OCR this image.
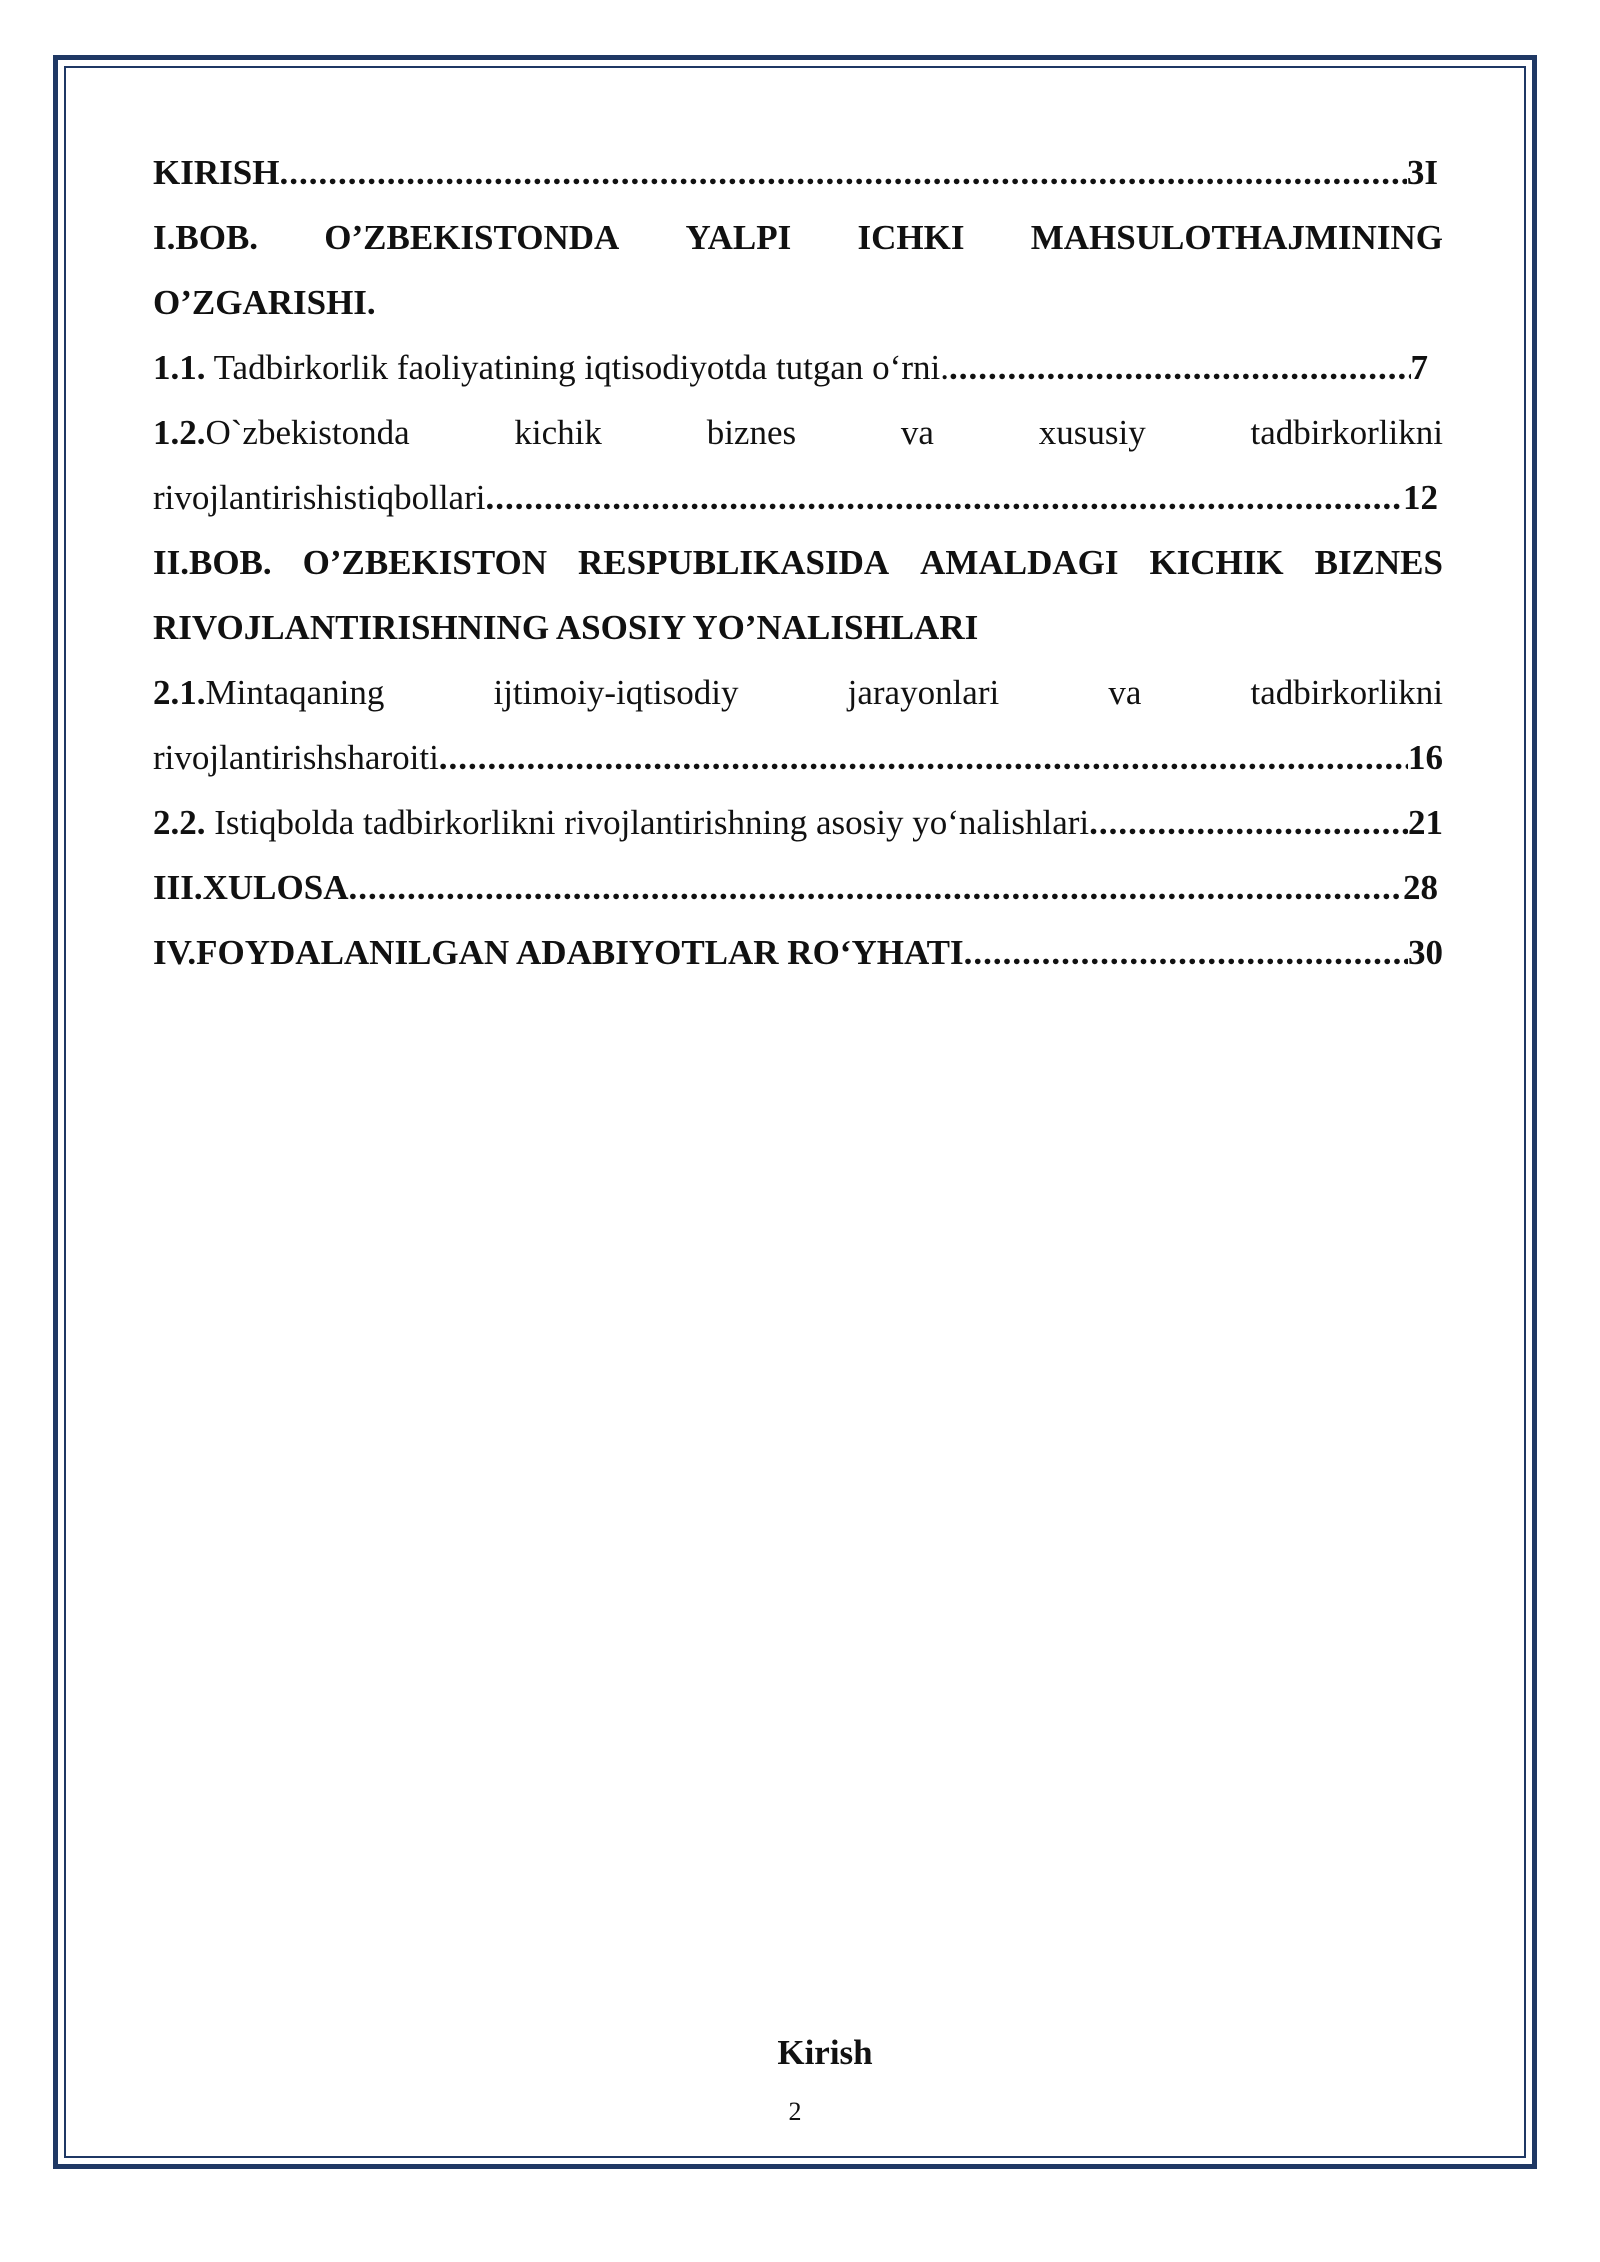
KIRISH .....	3I
I.BOB. O’ZBEKISTONDA YALPI ICHKI MAHSULOTHAJMINING
O’ZGARISHI.
1.1. Tadbirkorlik faoliyatining iqtisodiyotda tutgan o‘rni. .....	7
1.2.O`zbekistonda	kichik	biznes	va	xususiy	tadbirkorlikni
rivojlantirishistiqbollari .....	12
II.BOB. O’ZBEKISTON RESPUBLIKASIDA AMALDAGI KICHIK BIZNES
RIVOJLANTIRISHNING ASOSIY YO’NALISHLARI
2.1.Mintaqaning	ijtimoiy-iqtisodiy	jarayonlari	va	tadbirkorlikni
rivojlantirishsharoiti .....	16
2.2. Istiqbolda tadbirkorlikni rivojlantirishning asosiy yo‘nalishlari .....	21
III.XULOSA .....	28
IV.FOYDALANILGAN ADABIYOTLAR RO‘YHATI .....	30
Kirish
2
